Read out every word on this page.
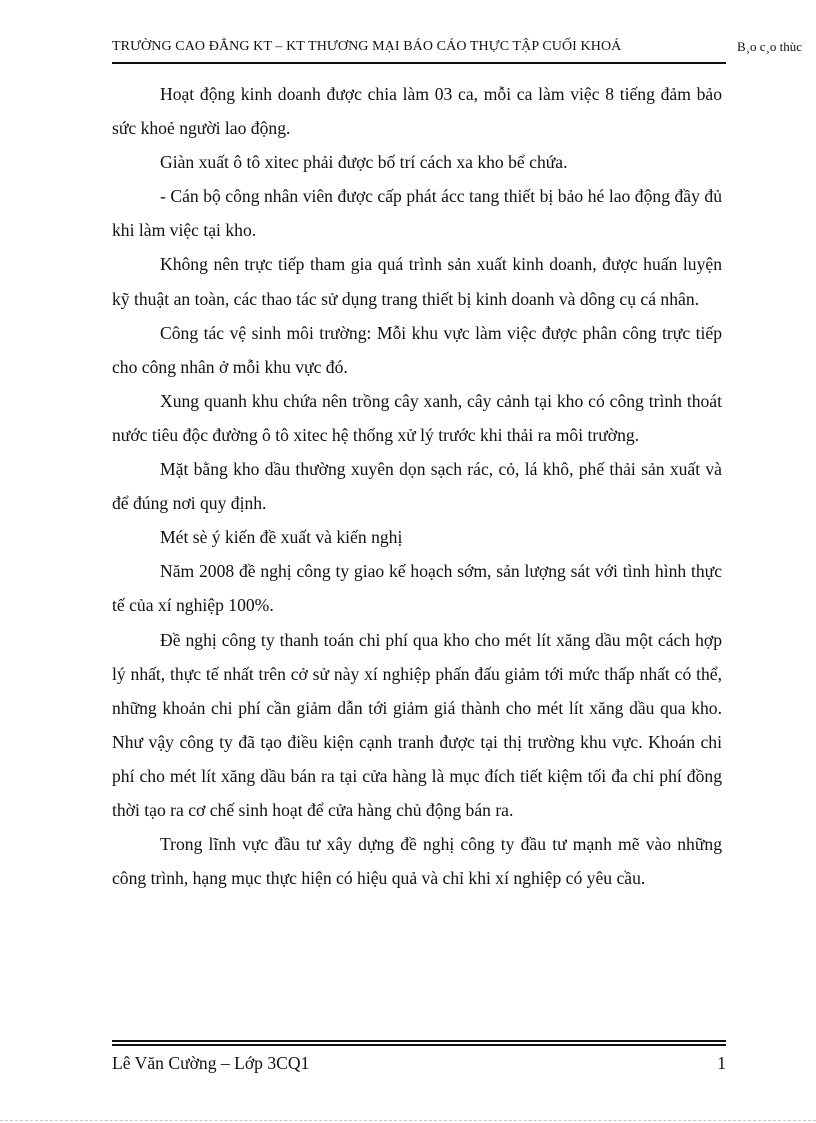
TRƯỜNG CAO ĐẲNG KT – KT THƯƠNG MẠI BÁO CÁO THỰC TẬP CUỐI KHOÁ	B¸o c¸o thùc

Hoạt động kinh doanh được chia làm 03 ca, mỗi ca làm việc 8 tiếng đảm bảo sức khoẻ người lao động.

Giàn xuất ô tô xitec phải được bố trí cách xa kho bể chứa.

- Cán bộ công nhân viên được cấp phát ácc tang thiết bị bảo hé lao động đầy đủ khi làm việc tại kho.

Không nên trực tiếp tham gia quá trình sản xuất kinh doanh, được huấn luyện kỹ thuật an toàn, các thao tác sử dụng trang thiết bị kinh doanh và dông cụ cá nhân.

Công tác vệ sinh môi trường: Mỗi khu vực làm việc được phân công trực tiếp cho công nhân ở mỗi khu vực đó.

Xung quanh khu chứa nên trồng cây xanh, cây cảnh tại kho có công trình thoát nước tiêu độc đường ô tô xitec hệ thống xử lý trước khi thải ra môi trường.

Mặt bằng kho dầu thường xuyên dọn sạch rác, cỏ, lá khô, phế thải sản xuất và để đúng nơi quy định.

Mét sè ý kiến đề xuất và kiến nghị

Năm 2008 đề nghị công ty giao kế hoạch sớm, sản lượng sát với tình hình thực tế của xí nghiệp 100%.

Đề nghị công ty thanh toán chi phí qua kho cho mét lít xăng dầu một cách hợp lý nhất, thực tế nhất trên cở sử này xí nghiệp phấn đấu giảm tới mức thấp nhất có thể, những khoản chi phí cần giảm dẫn tới giảm giá thành cho mét lít xăng dầu qua kho. Như vậy công ty đã tạo điều kiện cạnh tranh được tại thị trường khu vực. Khoán chi phí cho mét lít xăng dầu bán ra tại cửa hàng là mục đích tiết kiệm tối đa chi phí đồng thời tạo ra cơ chế sinh hoạt để cửa hàng chủ động bán ra.

Trong lĩnh vực đầu tư xây dựng đề nghị công ty đầu tư mạnh mẽ vào những công trình, hạng mục thực hiện có hiệu quả và chỉ khi xí nghiệp có yêu cầu.

Lê Văn Cường – Lớp 3CQ1	1
